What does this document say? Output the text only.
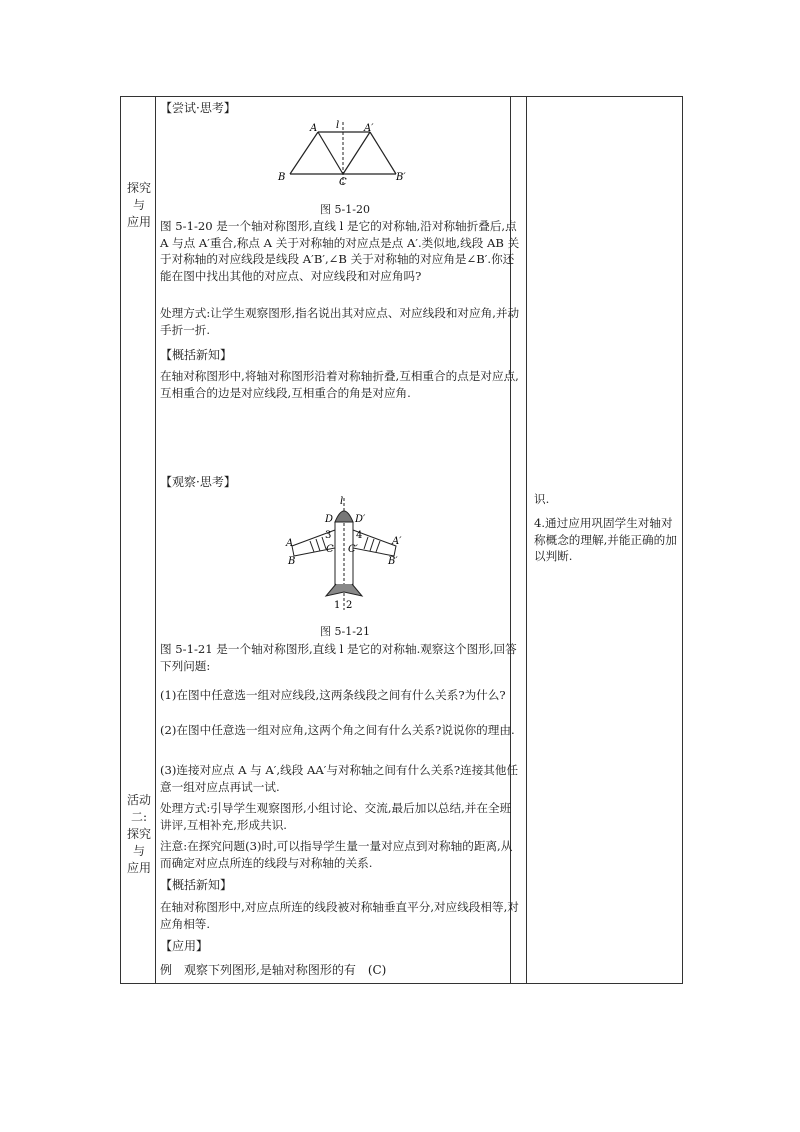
探究
与
应用
活动
二:
探究
与
应用
【尝试·思考】
A l A′
B	C	B′
图 5-1-20
图 5-1-20 是一个轴对称图形,直线 l 是它的对称轴,沿对称轴折叠后,点 A 与点 A′重合,称点 A 关于对称轴的对应点是点 A′.类似地,线段 AB 关于对称轴的对应线段是线段 A′B′,∠B 关于对称轴的对应角是∠B′.你还能在图中找出其他的对应点、对应线段和对应角吗?
处理方式:让学生观察图形,指名说出其对应点、对应线段和对应角,并动手折一折.
【概括新知】
在轴对称图形中,将轴对称图形沿着对称轴折叠,互相重合的点是对应点,互相重合的边是对应线段,互相重合的角是对应角.
【观察·思考】
l
D D′
A	A′
B	B′
C C′
3 4
1 2
图 5-1-21
图 5-1-21 是一个轴对称图形,直线 l 是它的对称轴.观察这个图形,回答下列问题:
(1)在图中任意选一组对应线段,这两条线段之间有什么关系?为什么?
(2)在图中任意选一组对应角,这两个角之间有什么关系?说说你的理由.
(3)连接对应点 A 与 A′,线段 AA′与对称轴之间有什么关系?连接其他任意一组对应点再试一试.
处理方式:引导学生观察图形,小组讨论、交流,最后加以总结,并在全班讲评,互相补充,形成共识.
注意:在探究问题(3)时,可以指导学生量一量对应点到对称轴的距离,从而确定对应点所连的线段与对称轴的关系.
【概括新知】
在轴对称图形中,对应点所连的线段被对称轴垂直平分,对应线段相等,对应角相等.
【应用】
例　观察下列图形,是轴对称图形的有　(C)
识.
4.通过应用巩固学生对轴对称概念的理解,并能正确的加以判断.
